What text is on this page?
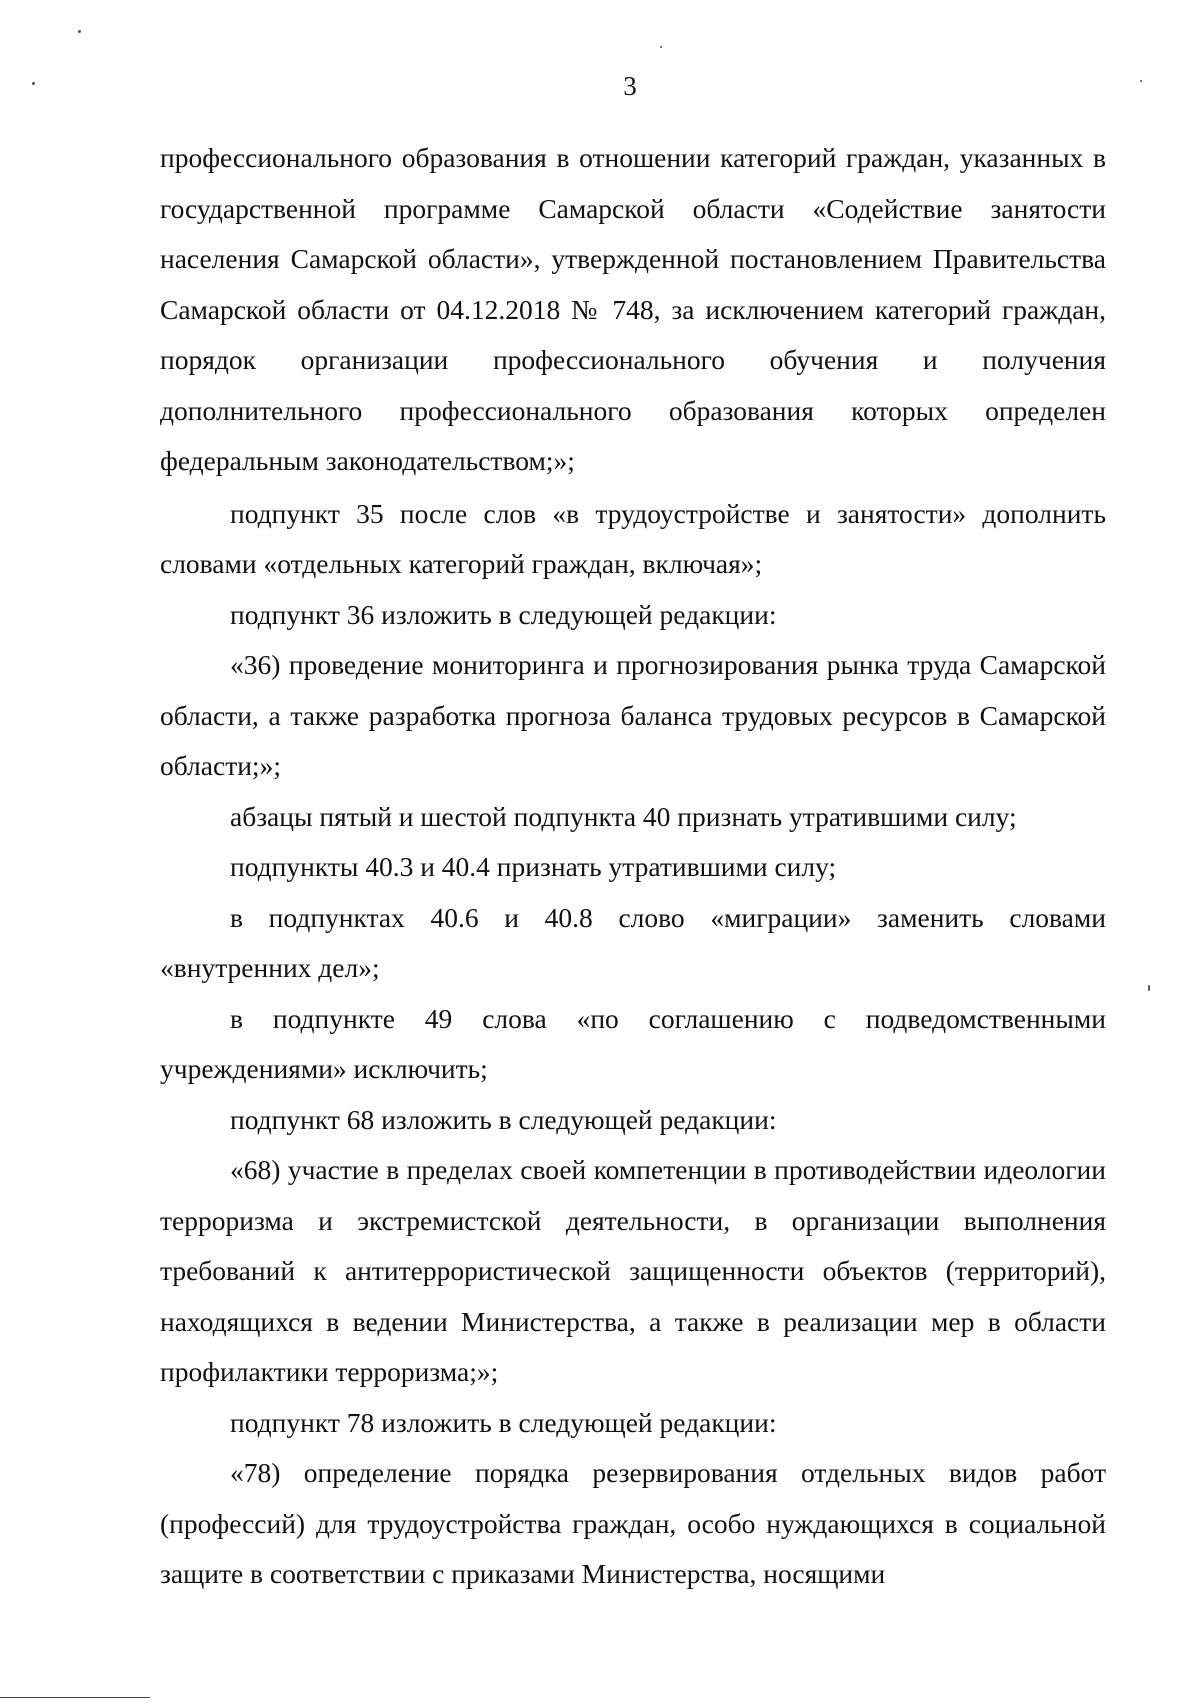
3

профессионального образования в отношении категорий граждан, указанных в государственной программе Самарской области «Содействие занятости населения Самарской области», утвержденной постановлением Правительства Самарской области от 04.12.2018 № 748, за исключением категорий граждан, порядок организации профессионального обучения и получения дополнительного профессионального образования которых определен федеральным законодательством;»;

подпункт 35 после слов «в трудоустройстве и занятости» дополнить словами «отдельных категорий граждан, включая»;

подпункт 36 изложить в следующей редакции:

«36) проведение мониторинга и прогнозирования рынка труда Самарской области, а также разработка прогноза баланса трудовых ресурсов в Самарской области;»;

абзацы пятый и шестой подпункта 40 признать утратившими силу;

подпункты 40.3 и 40.4 признать утратившими силу;

в подпунктах 40.6 и 40.8 слово «миграции» заменить словами «внутренних дел»;

в подпункте 49 слова «по соглашению с подведомственными учреждениями» исключить;

подпункт 68 изложить в следующей редакции:

«68) участие в пределах своей компетенции в противодействии идеологии терроризма и экстремистской деятельности, в организации выполнения требований к антитеррористической защищенности объектов (территорий), находящихся в ведении Министерства, а также в реализации мер в области профилактики терроризма;»;

подпункт 78 изложить в следующей редакции:

«78) определение порядка резервирования отдельных видов работ (профессий) для трудоустройства граждан, особо нуждающихся в социальной защите в соответствии с приказами Министерства, носящими
